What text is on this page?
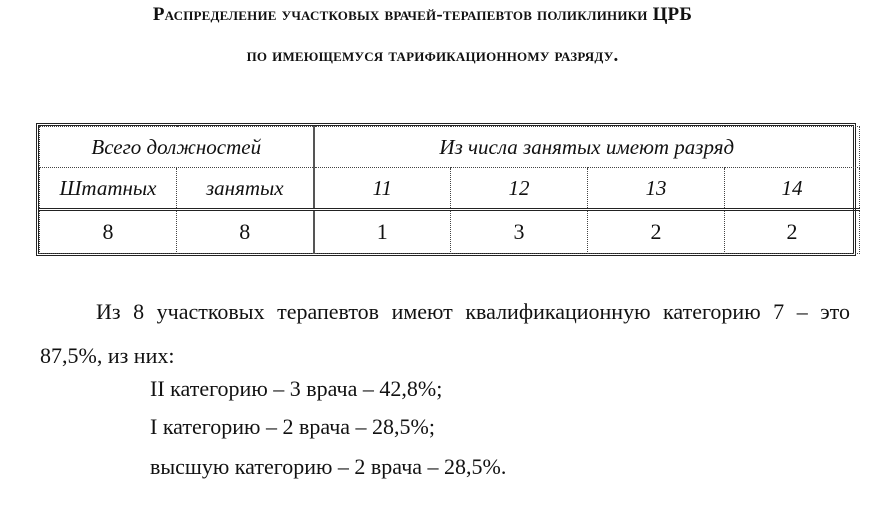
Распределение участковых врачей-терапевтов поликлиники ЦРБ
по имеющемуся тарификационному разряду.
Всего должностей		Из числа занятых имеют разряд			
Штатных	занятых	11	12	13	14
8	8	1	3	2	2
Из 8 участковых терапевтов имеют квалификационную категорию 7 – это 87,5%, из них:
II категорию – 3 врача – 42,8%;
I категорию – 2 врача – 28,5%;
высшую категорию – 2 врача – 28,5%.
